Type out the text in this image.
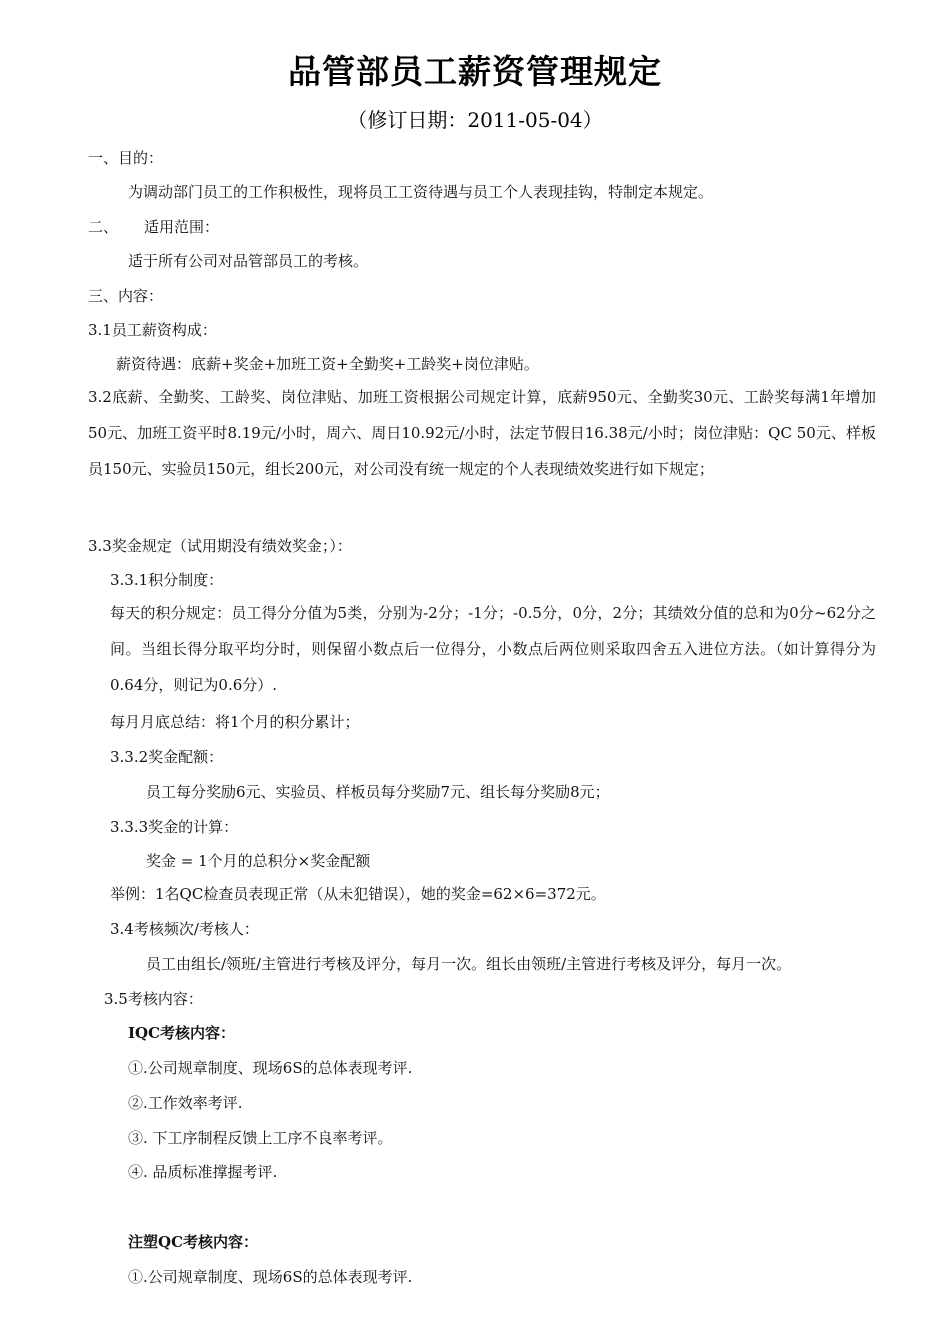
品管部员工薪资管理规定
（修订日期：2011-05-04）
一、目的：
为调动部门员工的工作积极性，现将员工工资待遇与员工个人表现挂钩，特制定本规定。
二、 适用范围：
适于所有公司对品管部员工的考核。
三、内容：
3.1员工薪资构成：
薪资待遇：底薪+奖金+加班工资+全勤奖+工龄奖+岗位津贴。
3.2底薪、全勤奖、工龄奖、岗位津贴、加班工资根据公司规定计算，底薪950元、全勤奖30元、工龄奖每满1年增加50元、加班工资平时8.19元/小时，周六、周日10.92元/小时，法定节假日16.38元/小时；岗位津贴：QC 50元、样板员150元、实验员150元，组长200元，对公司没有统一规定的个人表现绩效奖进行如下规定；
3.3奖金规定（试用期没有绩效奖金；）：
3.3.1积分制度：
每天的积分规定：员工得分分值为5类，分别为-2分；-1分；-0.5分，0分，2分；其绩效分值的总和为0分~62分之间。当组长得分取平均分时，则保留小数点后一位得分，小数点后两位则采取四舍五入进位方法。（如计算得分为0.64分，则记为0.6分）.
每月月底总结：将1个月的积分累计；
3.3.2奖金配额：
员工每分奖励6元、实验员、样板员每分奖励7元、组长每分奖励8元；
3.3.3奖金的计算：
奖金 = 1个月的总积分×奖金配额
举例：1名QC检查员表现正常（从未犯错误），她的奖金=62×6=372元。
3.4考核频次/考核人：
员工由组长/领班/主管进行考核及评分，每月一次。组长由领班/主管进行考核及评分，每月一次。
3.5考核内容：
IQC考核内容：
①.公司规章制度、现场6S的总体表现考评.
②.工作效率考评.
③. 下工序制程反馈上工序不良率考评。
④. 品质标准撑握考评.
注塑QC考核内容：
①.公司规章制度、现场6S的总体表现考评.
